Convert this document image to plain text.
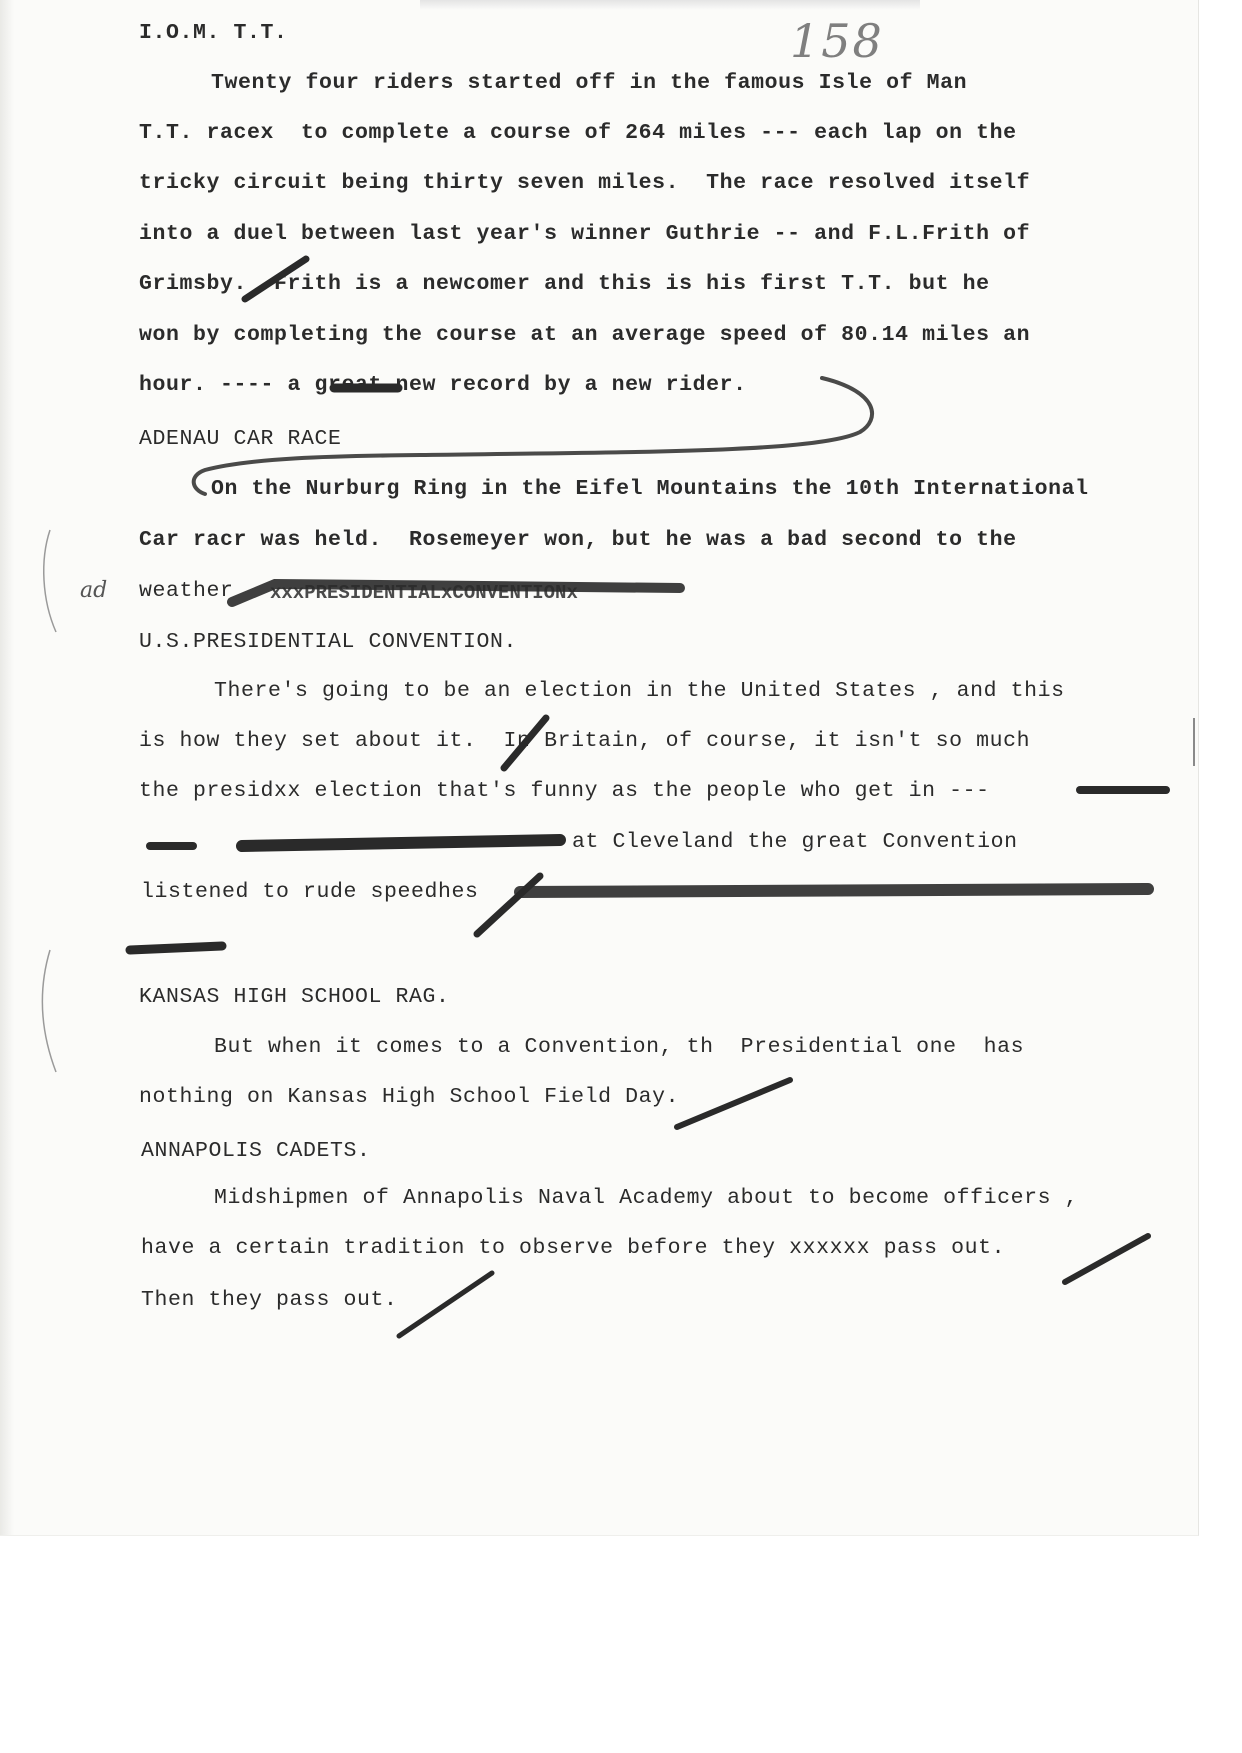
158
ad
I.O.M. T.T.
Twenty four riders started off in the famous Isle of Man
T.T. racex  to complete a course of 264 miles --- each lap on the
tricky circuit being thirty seven miles.  The race resolved itself
into a duel between last year's winner Guthrie -- and F.L.Frith of
Grimsby.  Frith is a newcomer and this is his first T.T. but he
won by completing the course at an average speed of 80.14 miles an
hour. ---- a great new record by a new rider.
ADENAU CAR RACE
On the Nurburg Ring in the Eifel Mountains the 10th International
Car racr was held.  Rosemeyer won, but he was a bad second to the
weather xxxPRESIDENTIALxCONVENTIONx
U.S.PRESIDENTIAL CONVENTION.
There's going to be an election in the United States , and this
is how they set about it.  In Britain, of course, it isn't so much
the presidxx election that's funny as the people who get in ---
at Cleveland the great Convention
listened to rude speedhes
KANSAS HIGH SCHOOL RAG.
But when it comes to a Convention, th  Presidential one  has
nothing on Kansas High School Field Day.
ANNAPOLIS CADETS.
Midshipmen of Annapolis Naval Academy about to become officers ,
have a certain tradition to observe before they xxxxxx pass out.
Then they pass out.
